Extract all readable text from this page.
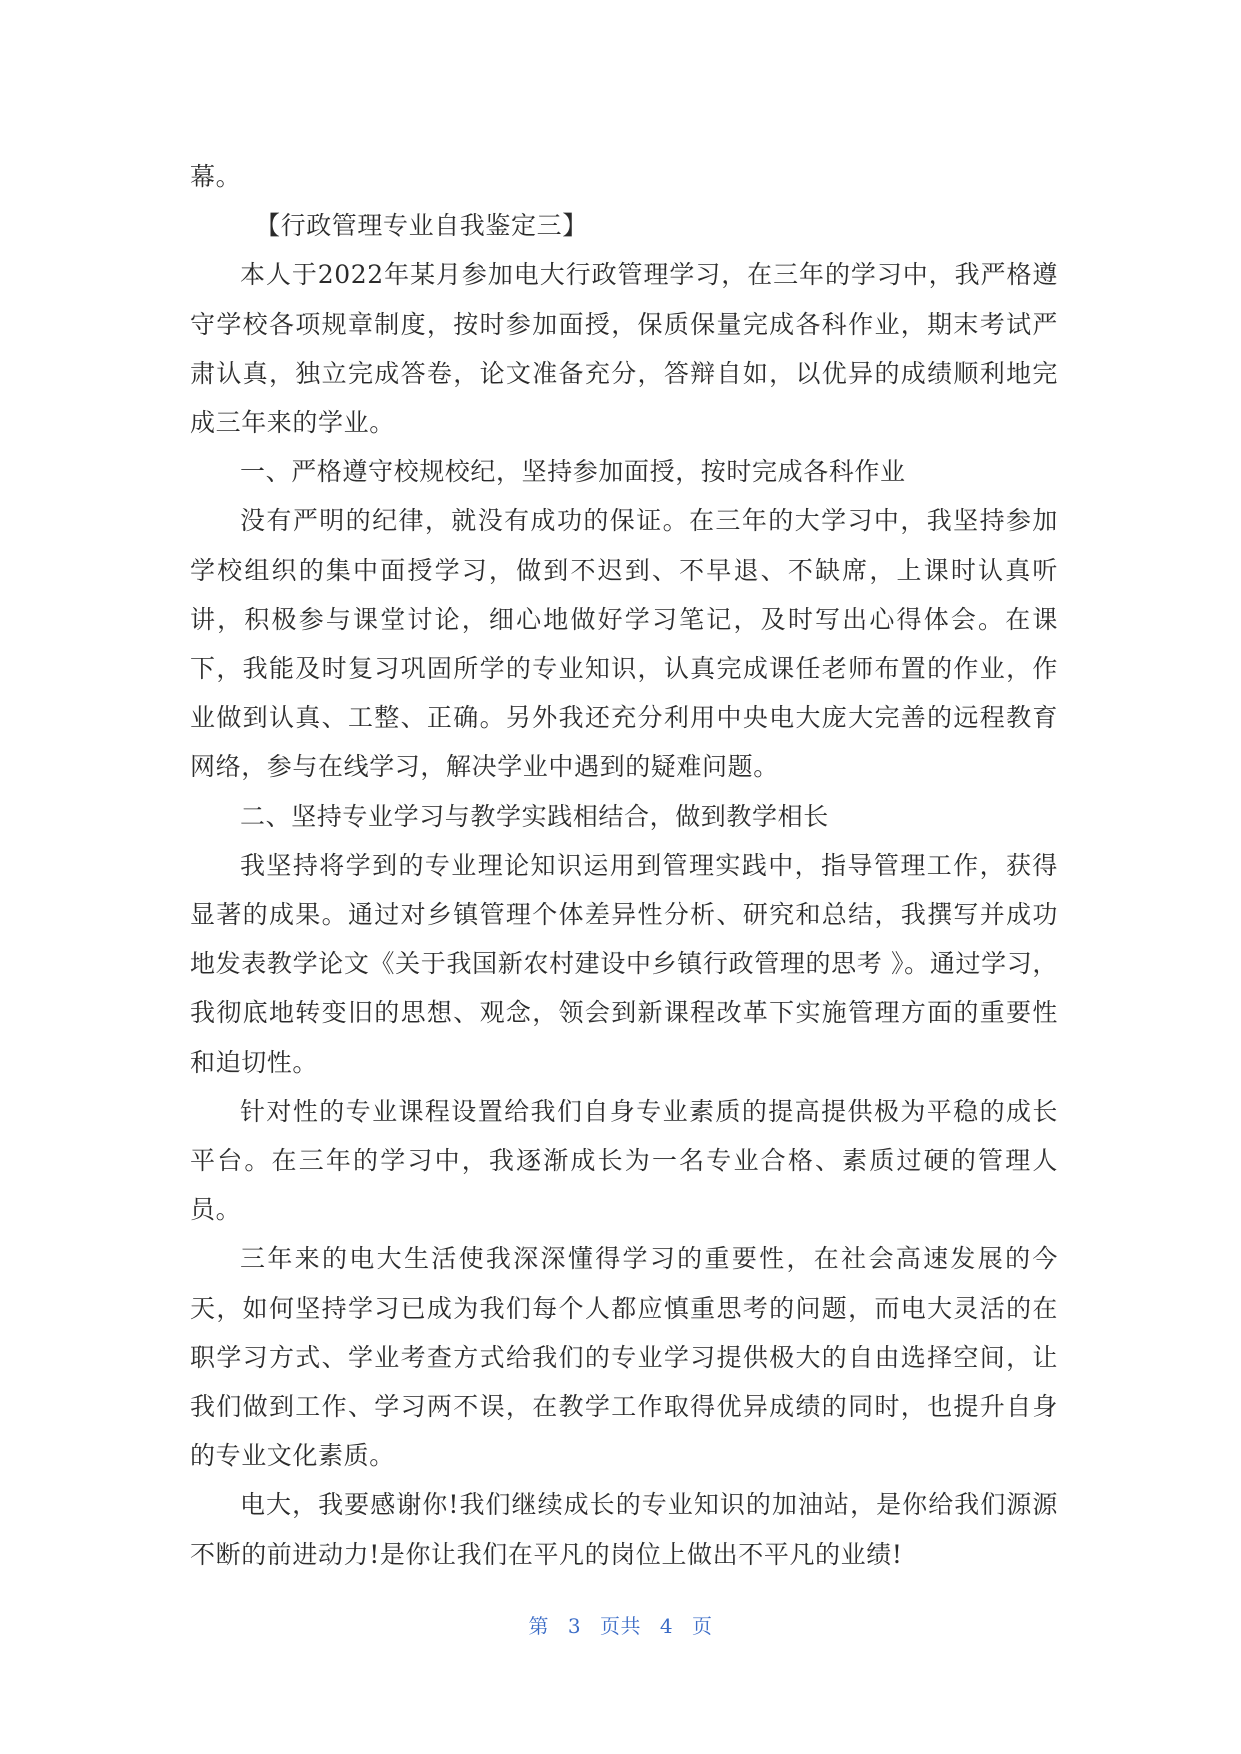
幕。

【行政管理专业自我鉴定三】

本人于2022年某月参加电大行政管理学习，在三年的学习中，我严格遵守学校各项规章制度，按时参加面授，保质保量完成各科作业，期末考试严肃认真，独立完成答卷，论文准备充分，答辩自如，以优异的成绩顺利地完成三年来的学业。

一、严格遵守校规校纪，坚持参加面授，按时完成各科作业

没有严明的纪律，就没有成功的保证。在三年的大学习中，我坚持参加学校组织的集中面授学习，做到不迟到、不早退、不缺席，上课时认真听讲，积极参与课堂讨论，细心地做好学习笔记，及时写出心得体会。在课下，我能及时复习巩固所学的专业知识，认真完成课任老师布置的作业，作业做到认真、工整、正确。另外我还充分利用中央电大庞大完善的远程教育网络，参与在线学习，解决学业中遇到的疑难问题。

二、坚持专业学习与教学实践相结合，做到教学相长

我坚持将学到的专业理论知识运用到管理实践中，指导管理工作，获得显著的成果。通过对乡镇管理个体差异性分析、研究和总结，我撰写并成功地发表教学论文《关于我国新农村建设中乡镇行政管理的思考 》。通过学习，我彻底地转变旧的思想、观念，领会到新课程改革下实施管理方面的重要性和迫切性。

针对性的专业课程设置给我们自身专业素质的提高提供极为平稳的成长平台。在三年的学习中，我逐渐成长为一名专业合格、素质过硬的管理人员。

三年来的电大生活使我深深懂得学习的重要性，在社会高速发展的今天，如何坚持学习已成为我们每个人都应慎重思考的问题，而电大灵活的在职学习方式、学业考查方式给我们的专业学习提供极大的自由选择空间，让我们做到工作、学习两不误，在教学工作取得优异成绩的同时，也提升自身的专业文化素质。

电大，我要感谢你!我们继续成长的专业知识的加油站，是你给我们源源不断的前进动力!是你让我们在平凡的岗位上做出不平凡的业绩!

第 3 页共 4 页
